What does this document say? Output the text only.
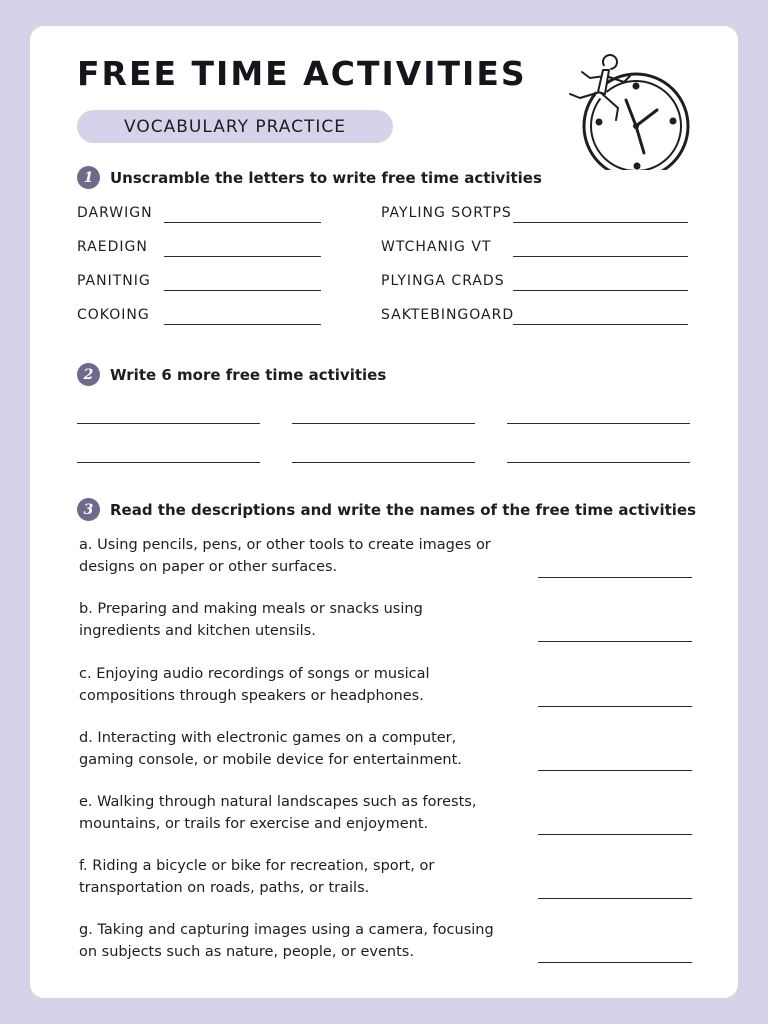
FREE TIME ACTIVITIES
VOCABULARY PRACTICE
1	Unscramble the letters to write free time activities
DARWIGN
RAEDIGN
PANITNIG
COKOING
PAYLING SORTPS
WTCHANIG VT
PLYINGA CRADS
SAKTEBINGOARD
2	Write 6 more free time activities
3	Read the descriptions and write the names of the free time activities
a. Using pencils, pens, or other tools to create images or
designs on paper or other surfaces.
b. Preparing and making meals or snacks using
ingredients and kitchen utensils.
c. Enjoying audio recordings of songs or musical
compositions through speakers or headphones.
d. Interacting with electronic games on a computer,
gaming console, or mobile device for entertainment.
e. Walking through natural landscapes such as forests,
mountains, or trails for exercise and enjoyment.
f. Riding a bicycle or bike for recreation, sport, or
transportation on roads, paths, or trails.
g. Taking and capturing images using a camera, focusing
on subjects such as nature, people, or events.
